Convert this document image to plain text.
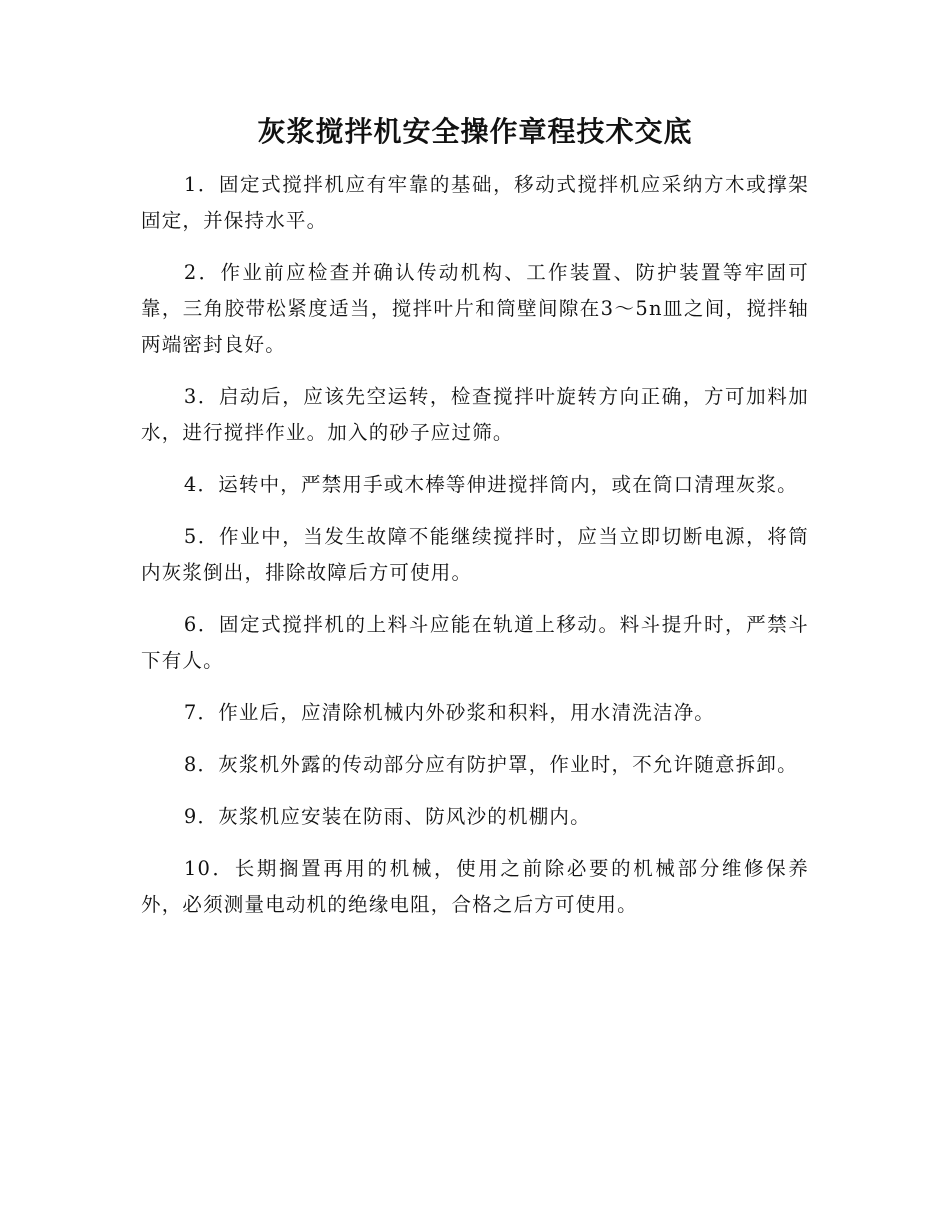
灰浆搅拌机安全操作章程技术交底

1．固定式搅拌机应有牢靠的基础，移动式搅拌机应采纳方木或撑架固定，并保持水平。

2．作业前应检查并确认传动机构、工作装置、防护装置等牢固可靠，三角胶带松紧度适当，搅拌叶片和筒壁间隙在3～5n皿之间，搅拌轴两端密封良好。

3．启动后，应该先空运转，检查搅拌叶旋转方向正确，方可加料加水，进行搅拌作业。加入的砂子应过筛。

4．运转中，严禁用手或木棒等伸进搅拌筒内，或在筒口清理灰浆。

5．作业中，当发生故障不能继续搅拌时，应当立即切断电源，将筒内灰浆倒出，排除故障后方可使用。

6．固定式搅拌机的上料斗应能在轨道上移动。料斗提升时，严禁斗下有人。

7．作业后，应清除机械内外砂浆和积料，用水清洗洁净。

8．灰浆机外露的传动部分应有防护罩，作业时，不允许随意拆卸。

9．灰浆机应安装在防雨、防风沙的机棚内。

10．长期搁置再用的机械，使用之前除必要的机械部分维修保养外，必须测量电动机的绝缘电阻，合格之后方可使用。
